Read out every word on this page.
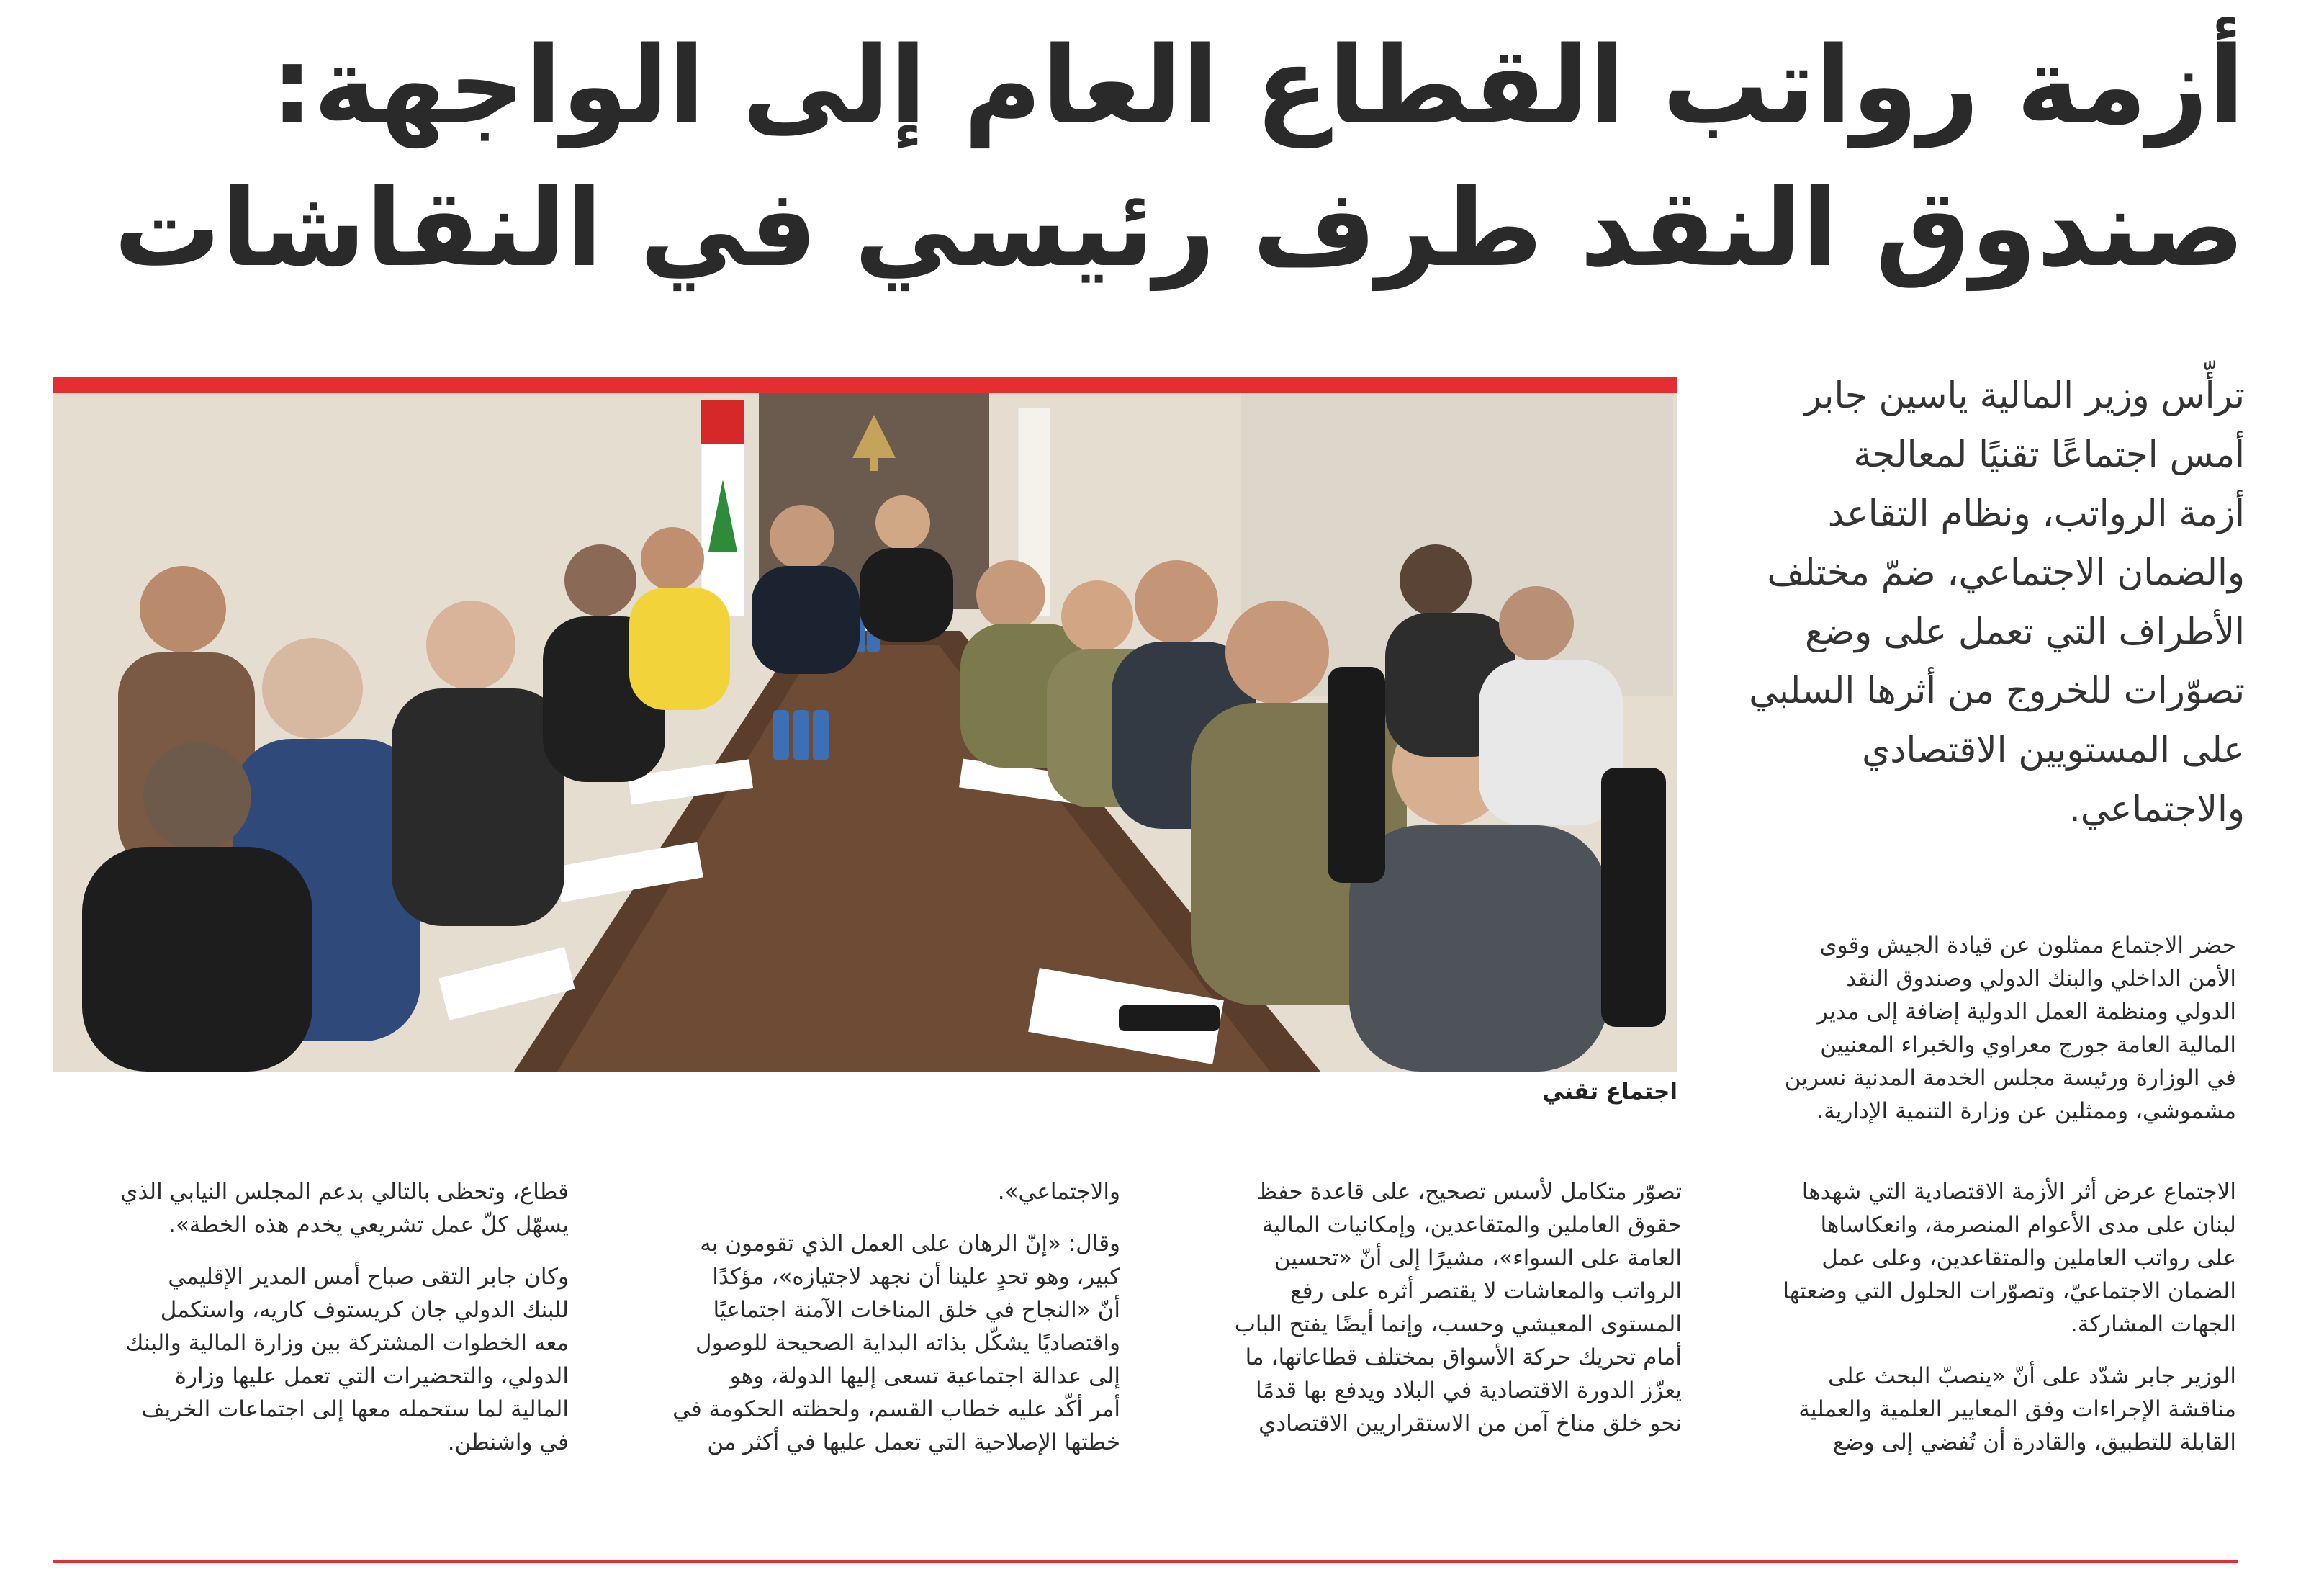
أزمة رواتب القطاع العام إلى الواجهة:
صندوق النقد طرف رئيسي في النقاشات
ترأّس وزير المالية ياسين جابر
أمس اجتماعًا تقنيًا لمعالجة
أزمة الرواتب، ونظام التقاعد
والضمان الاجتماعي، ضمّ مختلف
الأطراف التي تعمل على وضع
تصوّرات للخروج من أثرها السلبي
على المستويين الاقتصادي
والاجتماعي.
اجتماع تقني

حضر الاجتماع ممثلون عن قيادة الجيش وقوى
الأمن الداخلي والبنك الدولي وصندوق النقد
الدولي ومنظمة العمل الدولية إضافة إلى مدير
المالية العامة جورج معراوي والخبراء المعنيين
في الوزارة ورئيسة مجلس الخدمة المدنية نسرين
مشموشي، وممثلين عن وزارة التنمية الإدارية.

الاجتماع عرض أثر الأزمة الاقتصادية التي شهدها
لبنان على مدى الأعوام المنصرمة، وانعكاساها
على رواتب العاملين والمتقاعدين، وعلى عمل
الضمان الاجتماعيّ، وتصوّرات الحلول التي وضعتها
الجهات المشاركة.

الوزير جابر شدّد على أنّ «ينصبّ البحث على
مناقشة الإجراءات وفق المعايير العلمية والعملية
القابلة للتطبيق، والقادرة أن تُفضي إلى وضع

تصوّر متكامل لأسس تصحيح، على قاعدة حفظ
حقوق العاملين والمتقاعدين، وإمكانيات المالية
العامة على السواء»، مشيرًا إلى أنّ «تحسين
الرواتب والمعاشات لا يقتصر أثره على رفع
المستوى المعيشي وحسب، وإنما أيضًا يفتح الباب
أمام تحريك حركة الأسواق بمختلف قطاعاتها، ما
يعزّز الدورة الاقتصادية في البلاد ويدفع بها قدمًا
نحو خلق مناخ آمن من الاستقراريين الاقتصادي

والاجتماعي».

وقال: «إنّ الرهان على العمل الذي تقومون به
كبير، وهو تحدٍ علينا أن نجهد لاجتيازه»، مؤكدًا
أنّ «النجاح في خلق المناخات الآمنة اجتماعيًا
واقتصاديًا يشكّل بذاته البداية الصحيحة للوصول
إلى عدالة اجتماعية تسعى إليها الدولة، وهو
أمر أكّد عليه خطاب القسم، ولحظته الحكومة في
خطتها الإصلاحية التي تعمل عليها في أكثر من

قطاع، وتحظى بالتالي بدعم المجلس النيابي الذي
يسهّل كلّ عمل تشريعي يخدم هذه الخطة».

وكان جابر التقى صباح أمس المدير الإقليمي
للبنك الدولي جان كريستوف كاريه، واستكمل
معه الخطوات المشتركة بين وزارة المالية والبنك
الدولي، والتحضيرات التي تعمل عليها وزارة
المالية لما ستحمله معها إلى اجتماعات الخريف
في واشنطن.
